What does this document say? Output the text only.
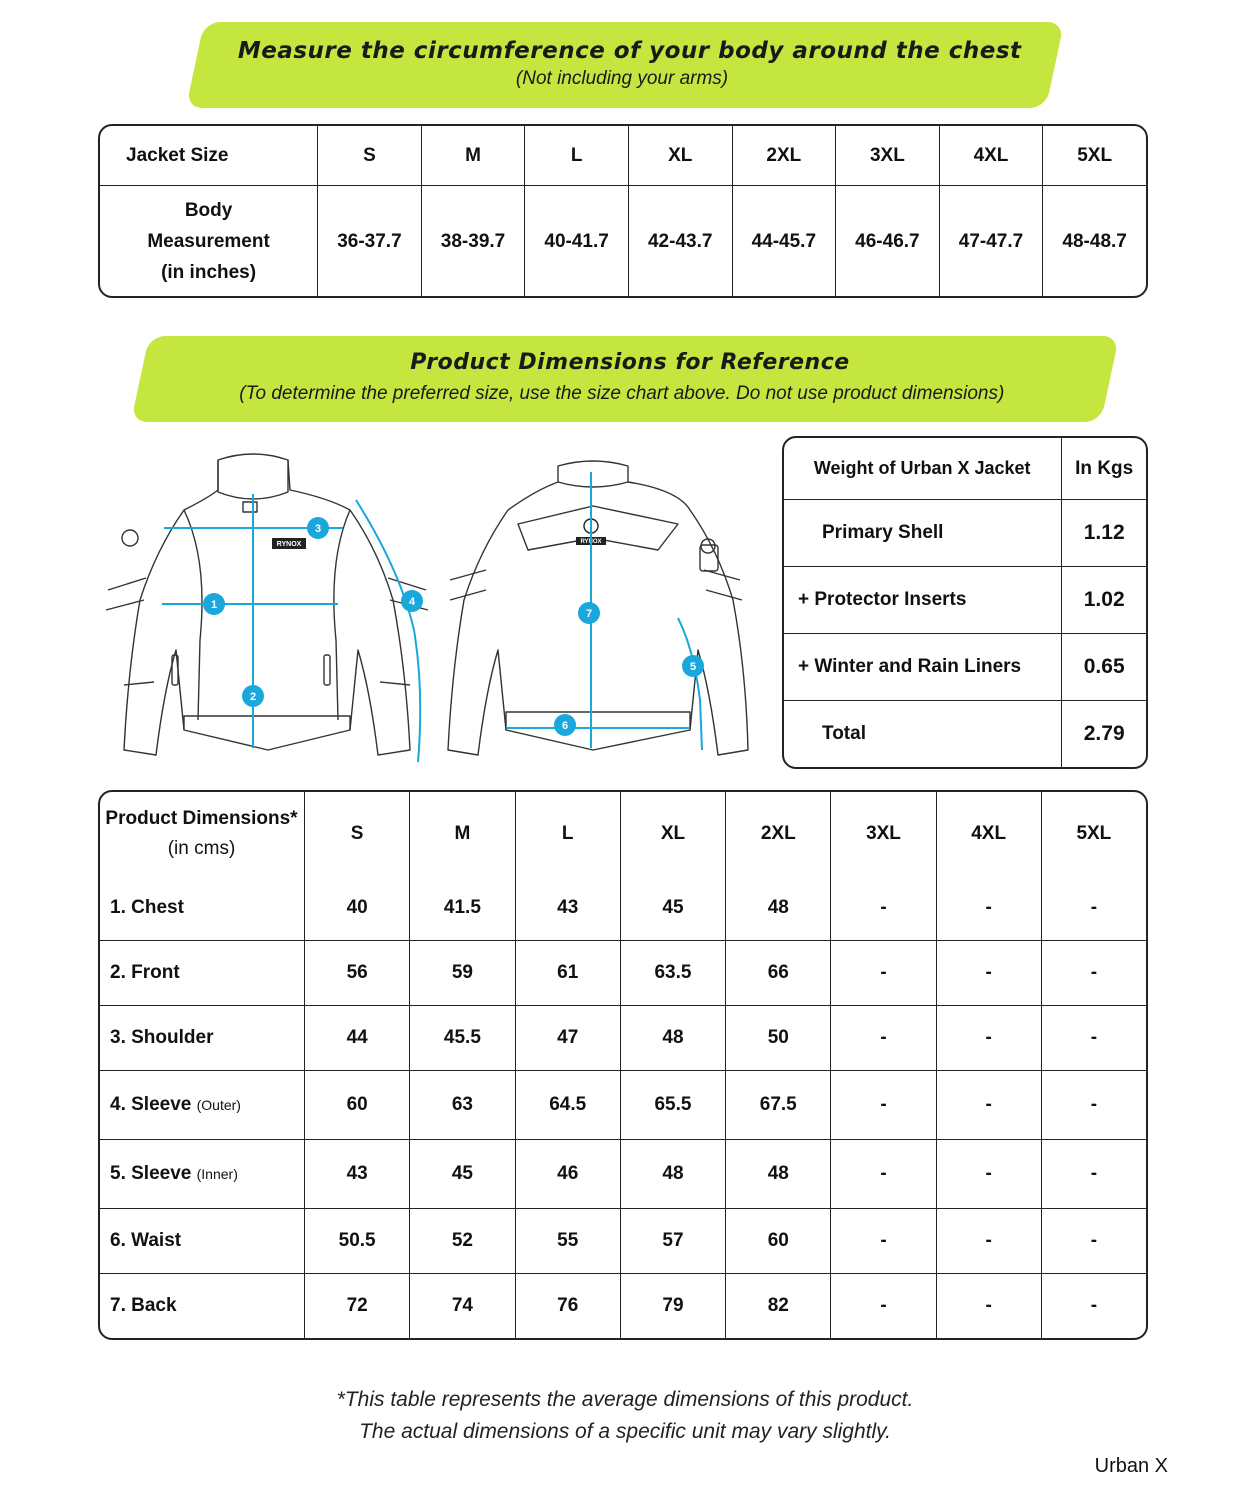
Measure the circumference of your body around the chest
(Not including your arms)
Jacket Size	S	M	L	XL	2XL	3XL	4XL	5XL

Body
Measurement
(in inches)	36-37.7	38-39.7	40-41.7	42-43.7	44-45.7	46-46.7	47-47.7	48-48.7
Product Dimensions for Reference
(To determine the preferred size, use the size chart above. Do not use product dimensions)
RYNOX	RYNOX
1
2
3
4
5
6
7
Weight of Urban X Jacket	In Kgs
Primary Shell	1.12
+ Protector Inserts	1.02
+ Winter and Rain Liners	0.65
Total	2.79
Product Dimensions*
(in cms)	S	M	L	XL	2XL	3XL	4XL	5XL
1. Chest	40	41.5	43	45	48	-	-	-
2. Front	56	59	61	63.5	66	-	-	-
3. Shoulder	44	45.5	47	48	50	-	-	-
4. Sleeve (Outer)	60	63	64.5	65.5	67.5	-	-	-
5. Sleeve (Inner)	43	45	46	48	48	-	-	-
6. Waist	50.5	52	55	57	60	-	-	-
7. Back	72	74	76	79	82	-	-	-
*This table represents the average dimensions of this product.
The actual dimensions of a specific unit may vary slightly.
Urban X
